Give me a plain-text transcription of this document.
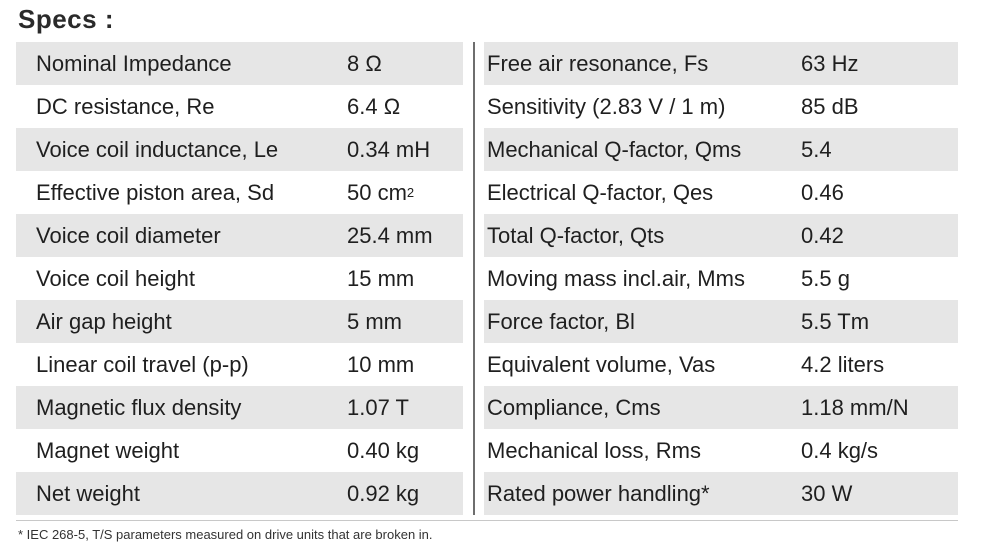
Specs :
Nominal Impedance	8 Ω	Free air resonance, Fs	63 Hz
DC resistance, Re	6.4 Ω	Sensitivity (2.83 V / 1 m)	85 dB
Voice coil inductance, Le	0.34 mH	Mechanical Q-factor, Qms	5.4
Effective piston area, Sd	50 cm 2	Electrical Q-factor, Qes	0.46
Voice coil diameter	25.4 mm	Total Q-factor, Qts	0.42
Voice coil height	15 mm	Moving mass incl.air, Mms	5.5 g
Air gap height	5 mm	Force factor, Bl	5.5 Tm
Linear coil travel (p-p)	10 mm	Equivalent volume, Vas	4.2 liters
Magnetic flux density	1.07 T	Compliance, Cms	1.18 mm/N
Magnet weight	0.40 kg	Mechanical loss, Rms	0.4 kg/s
Net weight	0.92 kg	Rated power handling*	30 W
* IEC 268-5, T/S parameters measured on drive units that are broken in.
